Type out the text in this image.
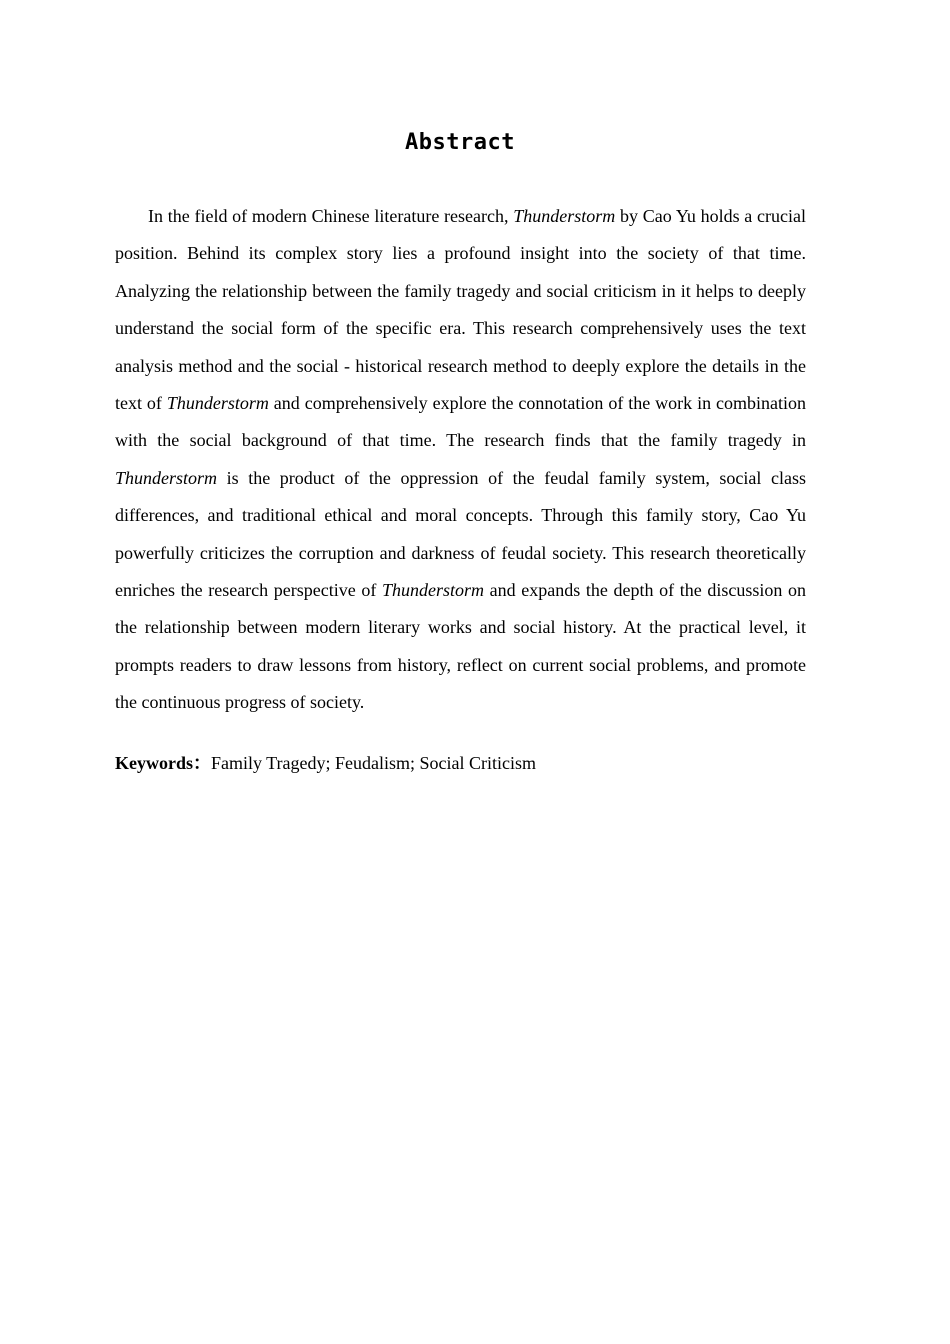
Abstract

In the field of modern Chinese literature research, Thunderstorm by Cao Yu holds a crucial position. Behind its complex story lies a profound insight into the society of that time. Analyzing the relationship between the family tragedy and social criticism in it helps to deeply understand the social form of the specific era. This research comprehensively uses the text analysis method and the social - historical research method to deeply explore the details in the text of Thunderstorm and comprehensively explore the connotation of the work in combination with the social background of that time. The research finds that the family tragedy in Thunderstorm is the product of the oppression of the feudal family system, social class differences, and traditional ethical and moral concepts. Through this family story, Cao Yu powerfully criticizes the corruption and darkness of feudal society. This research theoretically enriches the research perspective of Thunderstorm and expands the depth of the discussion on the relationship between modern literary works and social history. At the practical level, it prompts readers to draw lessons from history, reflect on current social problems, and promote the continuous progress of society.

Keywords：Family Tragedy; Feudalism; Social Criticism
